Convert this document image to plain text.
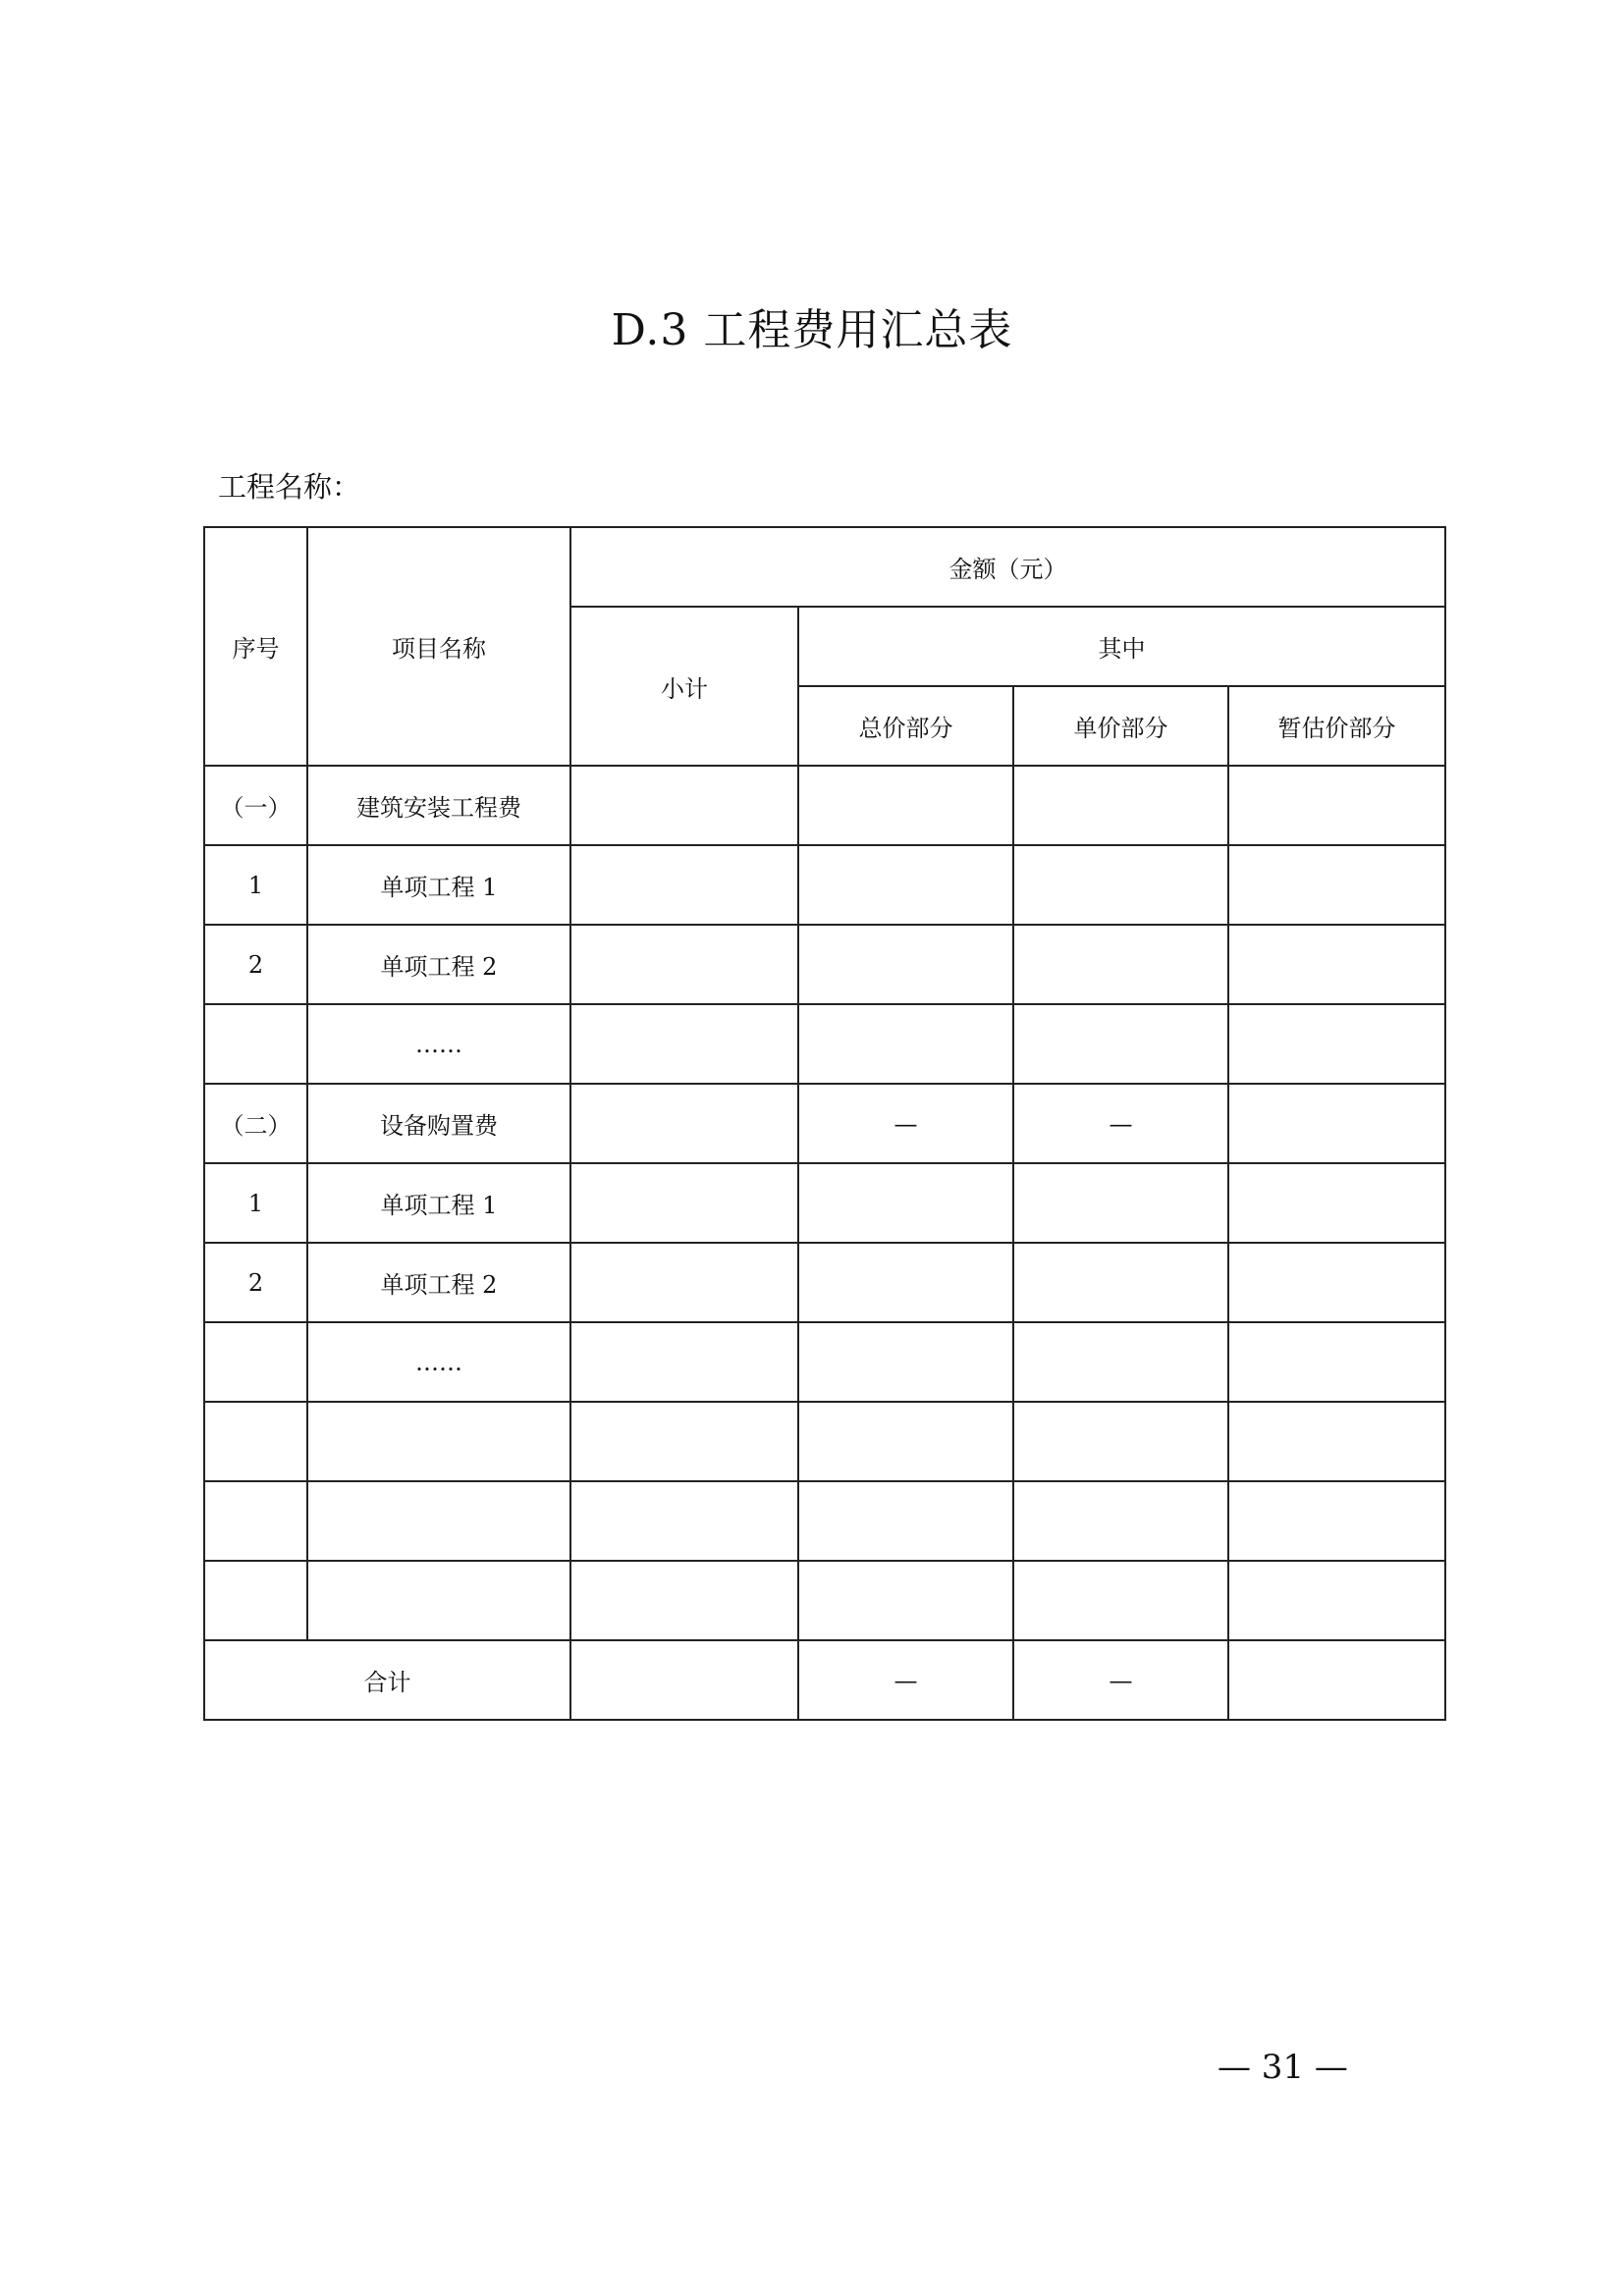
D.3 工程费用汇总表
工程名称：
序号	项目名称	金额（元）			
		小计	其中		
			总价部分	单价部分	暂估价部分
（一）	建筑安装工程费				
1	单项工程 1				
2	单项工程 2				
	……				
（二）	设备购置费		—	—	
1	单项工程 1				
2	单项工程 2				
	……				

合计			—	—	
— 31 —
